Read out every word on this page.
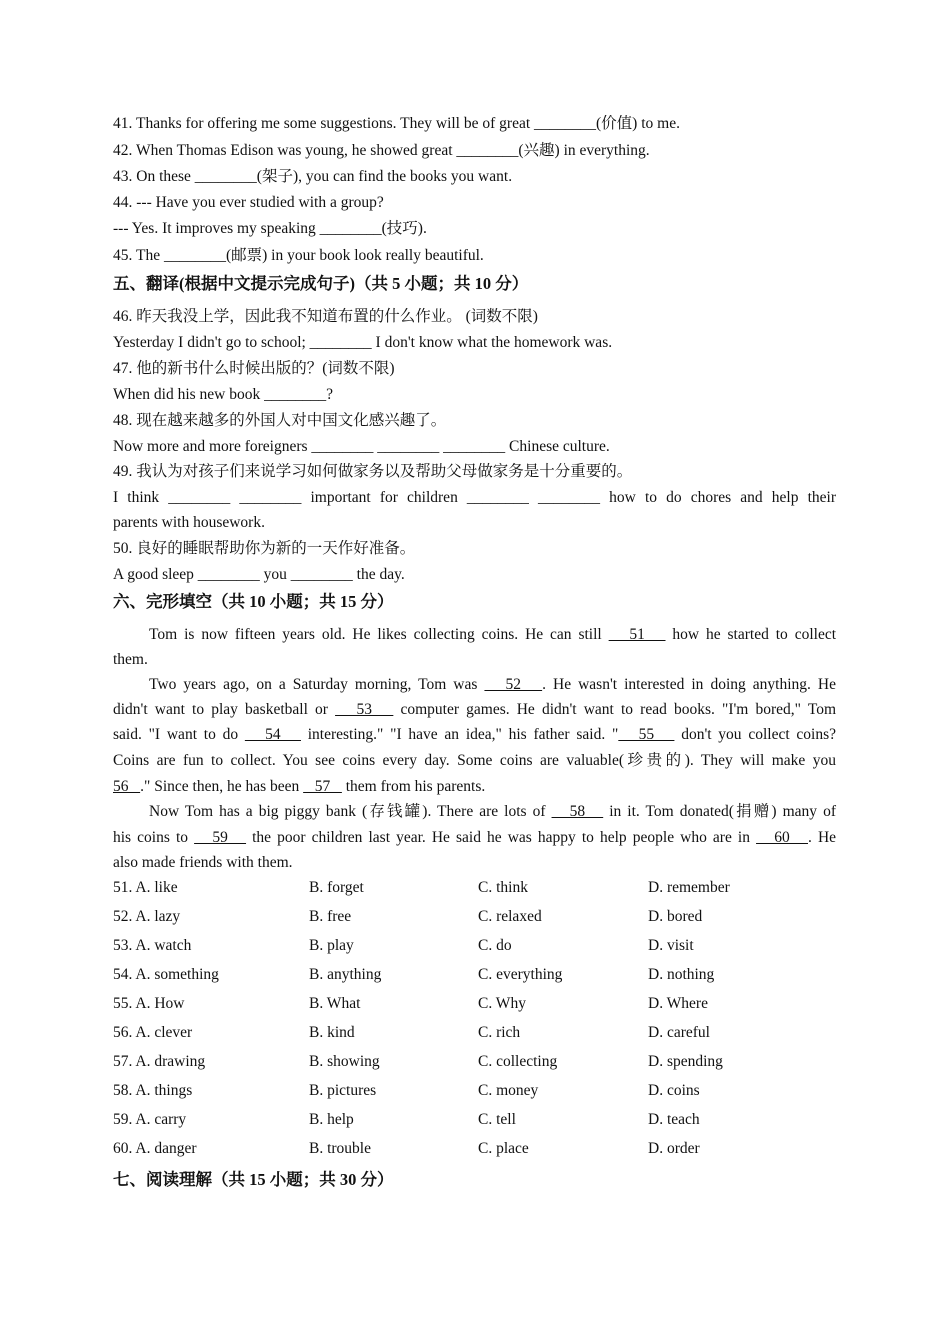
41. Thanks for offering me some suggestions. They will be of great ________(价值) to me.
42. When Thomas Edison was young, he showed great ________(兴趣) in everything.
43. On these ________(架子), you can find the books you want.
44. --- Have you ever studied with a group?
--- Yes. It improves my speaking ________(技巧).
45. The ________(邮票) in your book look really beautiful.
五、翻译(根据中文提示完成句子)（共 5 小题；共 10 分）
46. 昨天我没上学，因此我不知道布置的什么作业。 (词数不限)
Yesterday I didn't go to school; ________ I don't know what the homework was.
47. 他的新书什么时候出版的？(词数不限)
When did his new book ________?
48. 现在越来越多的外国人对中国文化感兴趣了。
Now more and more foreigners ________ ________ ________ Chinese culture.
49. 我认为对孩子们来说学习如何做家务以及帮助父母做家务是十分重要的。
I think ________ ________ important for children ________ ________ how to do chores and help their
parents with housework.
50. 良好的睡眠帮助你为新的一天作好准备。
A good sleep ________ you ________ the day.
六、完形填空（共 10 小题；共 15 分）
Tom is now fifteen years old. He likes collecting coins. He can still    51    how he started to collect
them.
Two years ago, on a Saturday morning, Tom was    52   . He wasn't interested in doing anything. He
didn't want to play basketball or    53    computer games. He didn't want to read books. "I'm bored," Tom
said. "I want to do    54    interesting." "I have an idea," his father said. "   55    don't you collect coins?
Coins are fun to collect. You see coins every day. Some coins are valuable(珍贵的). They will make you
56   ." Since then, he has been    57    them from his parents.
Now Tom has a big piggy bank (存钱罐). There are lots of    58    in it. Tom donated(捐赠) many of
his coins to    59    the poor children last year. He said he was happy to help people who are in    60   . He
also made friends with them.
51. A. like	B. forget	C. think	D. remember
52. A. lazy	B. free	C. relaxed	D. bored
53. A. watch	B. play	C. do	D. visit
54. A. something	B. anything	C. everything	D. nothing
55. A. How	B. What	C. Why	D. Where
56. A. clever	B. kind	C. rich	D. careful
57. A. drawing	B. showing	C. collecting	D. spending
58. A. things	B. pictures	C. money	D. coins
59. A. carry	B. help	C. tell	D. teach
60. A. danger	B. trouble	C. place	D. order
七、阅读理解（共 15 小题；共 30 分）
